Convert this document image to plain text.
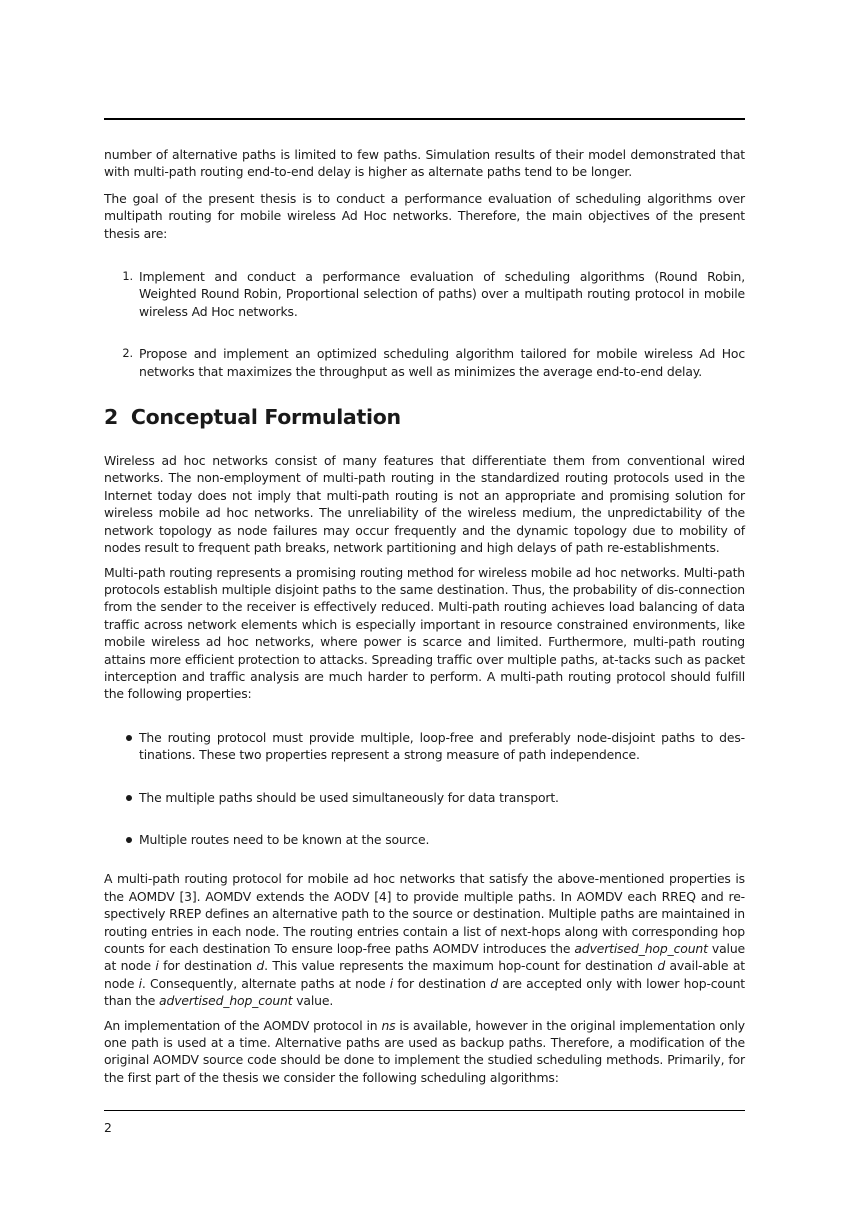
number of alternative paths is limited to few paths. Simulation results of their model demonstrated that with multi-path routing end-to-end delay is higher as alternate paths tend to be longer.

The goal of the present thesis is to conduct a performance evaluation of scheduling algorithms over multipath routing for mobile wireless Ad Hoc networks. Therefore, the main objectives of the present thesis are:

1. Implement and conduct a performance evaluation of scheduling algorithms (Round Robin, Weighted Round Robin, Proportional selection of paths) over a multipath routing protocol in mobile wireless Ad Hoc networks.
2. Propose and implement an optimized scheduling algorithm tailored for mobile wireless Ad Hoc networks that maximizes the throughput as well as minimizes the average end-to-end delay.
2 Conceptual Formulation

Wireless ad hoc networks consist of many features that differentiate them from conventional wired networks. The non-employment of multi-path routing in the standardized routing protocols used in the Internet today does not imply that multi-path routing is not an appropriate and promising solution for wireless mobile ad hoc networks. The unreliability of the wireless medium, the unpredictability of the network topology as node failures may occur frequently and the dynamic topology due to mobility of nodes result to frequent path breaks, network partitioning and high delays of path re-establishments.

Multi-path routing represents a promising routing method for wireless mobile ad hoc networks. Multi-path protocols establish multiple disjoint paths to the same destination. Thus, the probability of dis-connection from the sender to the receiver is effectively reduced. Multi-path routing achieves load balancing of data traffic across network elements which is especially important in resource constrained environments, like mobile wireless ad hoc networks, where power is scarce and limited. Furthermore, multi-path routing attains more efficient protection to attacks. Spreading traffic over multiple paths, at-tacks such as packet interception and traffic analysis are much harder to perform. A multi-path routing protocol should fulfill the following properties:

The routing protocol must provide multiple, loop-free and preferably node-disjoint paths to des-tinations. These two properties represent a strong measure of path independence.
The multiple paths should be used simultaneously for data transport.
Multiple routes need to be known at the source.

A multi-path routing protocol for mobile ad hoc networks that satisfy the above-mentioned properties is the AOMDV [3]. AOMDV extends the AODV [4] to provide multiple paths. In AOMDV each RREQ and re-spectively RREP defines an alternative path to the source or destination. Multiple paths are maintained in routing entries in each node. The routing entries contain a list of next-hops along with corresponding hop counts for each destination To ensure loop-free paths AOMDV introduces the advertised_hop_count value at node i for destination d. This value represents the maximum hop-count for destination d avail-able at node i. Consequently, alternate paths at node i for destination d are accepted only with lower hop-count than the advertised_hop_count value.

An implementation of the AOMDV protocol in ns is available, however in the original implementation only one path is used at a time. Alternative paths are used as backup paths. Therefore, a modification of the original AOMDV source code should be done to implement the studied scheduling methods. Primarily, for the first part of the thesis we consider the following scheduling algorithms:

2
